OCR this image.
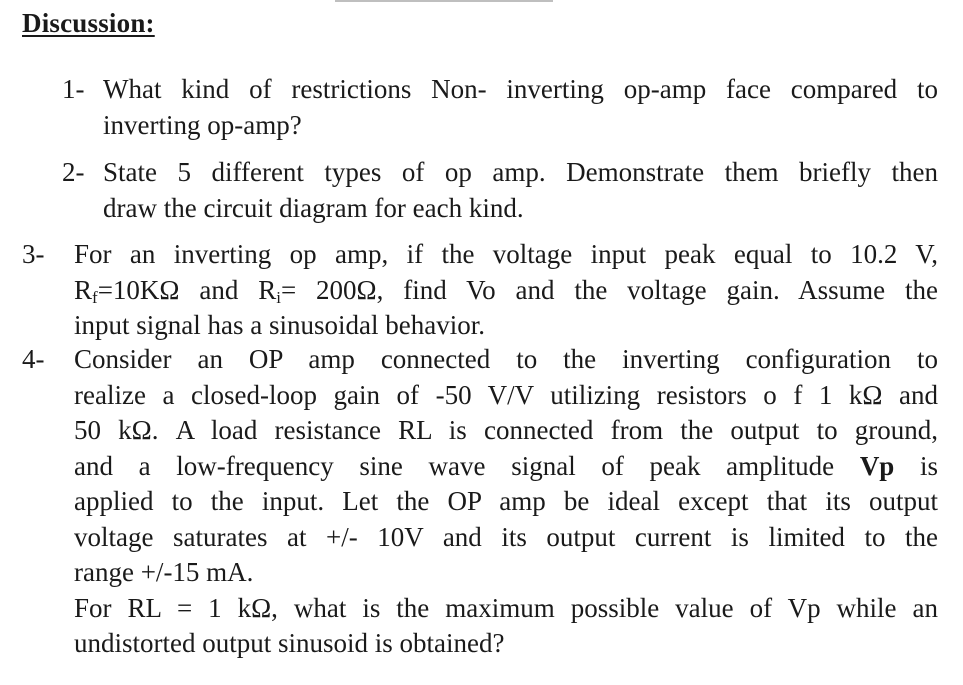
Discussion:
1- What kind of restrictions Non- inverting op-amp face compared to
inverting op-amp?
2- State 5 different types of op amp. Demonstrate them briefly then
draw the circuit diagram for each kind.
3- For an inverting op amp, if the voltage input peak equal to 10.2 V,
$R_f=10K\Omega$ and $R_i= 200\Omega$, find Vo and the voltage gain. Assume the
input signal has a sinusoidal behavior.
4- Consider an OP amp connected to the inverting configuration to
realize a closed-loop gain of -50 V/V utilizing resistors o f 1 kΩ and
50 kΩ. A load resistance RL is connected from the output to ground,
and a low-frequency sine wave signal of peak amplitude Vp is
applied to the input. Let the OP amp be ideal except that its output
voltage saturates at +/- 10V and its output current is limited to the
range +/-15 mA.
For RL = 1 kΩ, what is the maximum possible value of Vp while an
undistorted output sinusoid is obtained?
